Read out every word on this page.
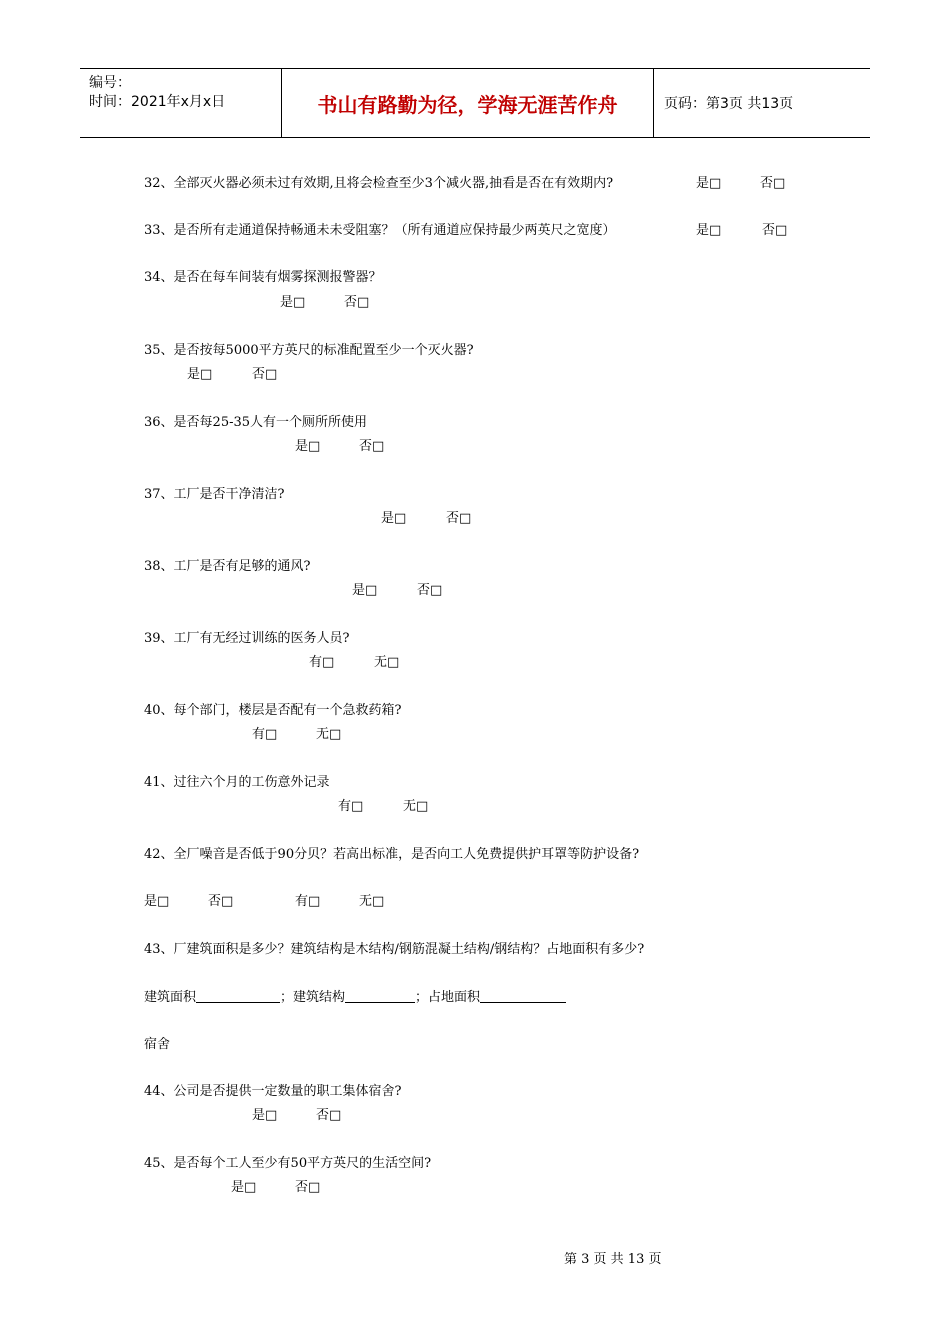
编号：
时间：2021年x月x日	书山有路勤为径，学海无涯苦作舟	页码：第3页 共13页
32、全部灭火器必须未过有效期,且将会检查至少3个减火器,抽看是否在有效期内?	是□	否□
33、是否所有走通道保持畅通未未受阻塞？（所有通道应保持最少两英尺之宽度）	是□	否□
34、是否在每车间装有烟雾探测报警器？
是□	否□
35、是否按每5000平方英尺的标准配置至少一个灭火器?
是□	否□
36、是否每25-35人有一个厕所所使用
是□	否□
37、工厂是否干净清洁?
是□	否□
38、工厂是否有足够的通风?
是□	否□
39、工厂有无经过训练的医务人员?
有□	无□
40、每个部门，楼层是否配有一个急救药箱?
有□	无□
41、过往六个月的工伤意外记录
有□	无□
42、全厂噪音是否低于90分贝？若高出标准，是否向工人免费提供护耳罩等防护设备?
是□	否□	有□	无□
43、厂建筑面积是多少？建筑结构是木结构/钢筋混凝土结构/钢结构？占地面积有多少?
建筑面积	；建筑结构	；占地面积
宿舍
44、公司是否提供一定数量的职工集体宿舍?
是□	否□
45、是否每个工人至少有50平方英尺的生活空间?
是□	否□
第 3 页 共 13 页
